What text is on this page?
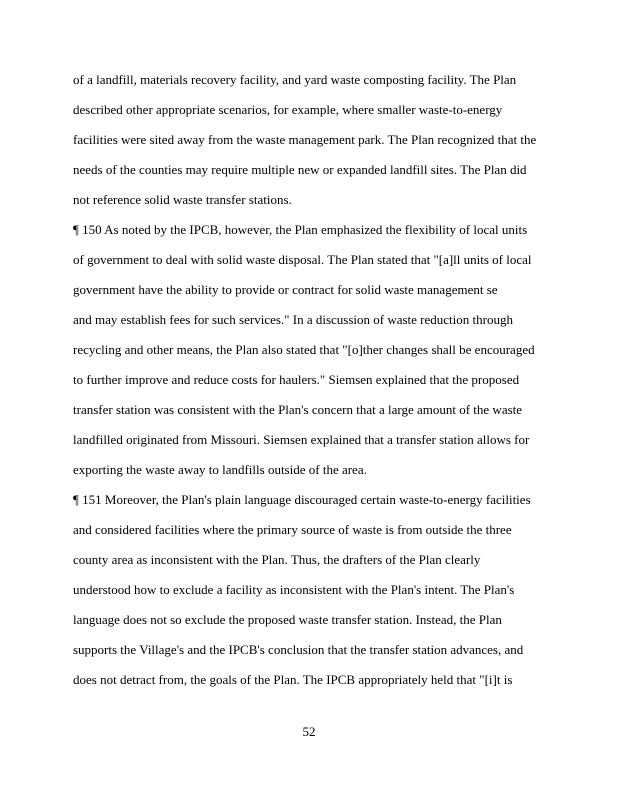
of a landfill, materials recovery facility, and yard waste composting facility. The Plan
described other appropriate scenarios, for example, where smaller waste-to-energy
facilities were sited away from the waste management park. The Plan recognized that the
needs of the counties may require multiple new or expanded landfill sites. The Plan did
not reference solid waste transfer stations.
¶ 150 As noted by the IPCB, however, the Plan emphasized the flexibility of local units
of government to deal with solid waste disposal. The Plan stated that "[a]ll units of local
government have the ability to provide or contract for solid waste management se
and may establish fees for such services." In a discussion of waste reduction through
recycling and other means, the Plan also stated that "[o]ther changes shall be encouraged
to further improve and reduce costs for haulers." Siemsen explained that the proposed
transfer station was consistent with the Plan's concern that a large amount of the waste
landfilled originated from Missouri. Siemsen explained that a transfer station allows for
exporting the waste away to landfills outside of the area.
¶ 151 Moreover, the Plan's plain language discouraged certain waste-to-energy facilities
and considered facilities where the primary source of waste is from outside the three
county area as inconsistent with the Plan. Thus, the drafters of the Plan clearly
understood how to exclude a facility as inconsistent with the Plan's intent. The Plan's
language does not so exclude the proposed waste transfer station. Instead, the Plan
supports the Village's and the IPCB's conclusion that the transfer station advances, and
does not detract from, the goals of the Plan. The IPCB appropriately held that "[i]t is
52
